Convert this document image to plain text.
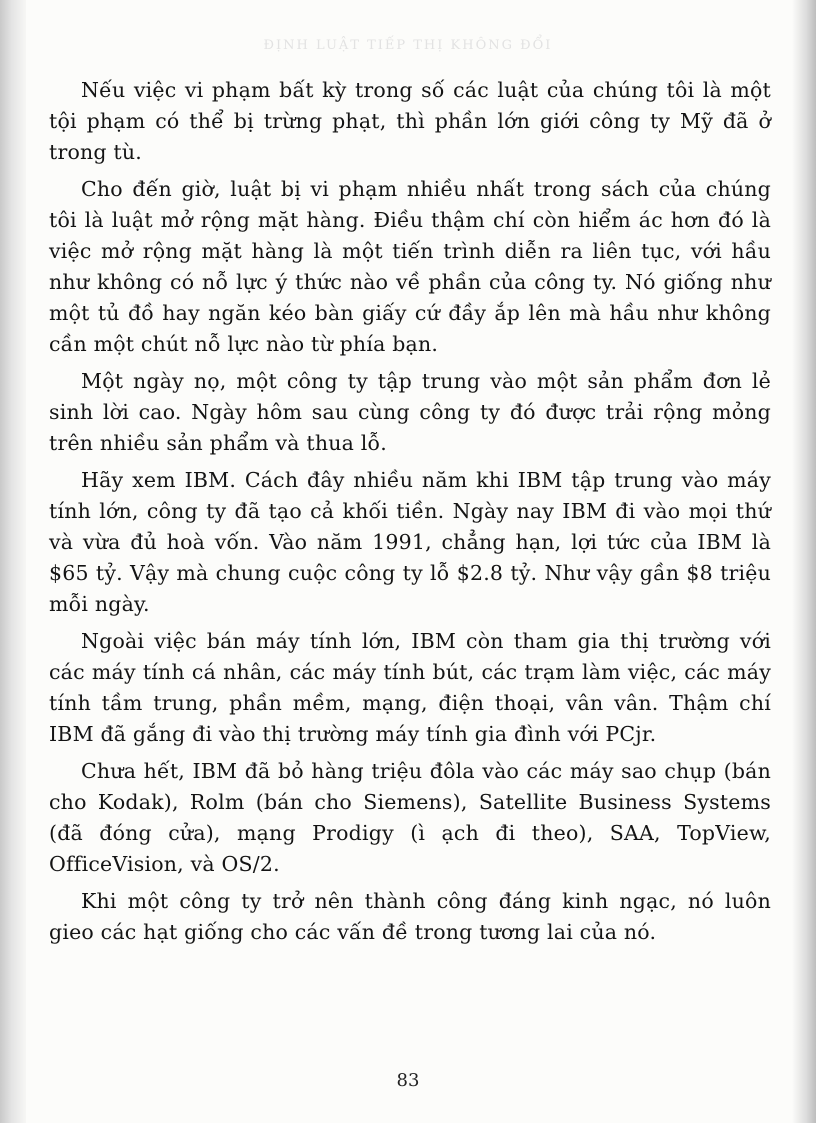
ĐỊNH LUẬT TIẾP THỊ KHÔNG ĐỔI

Nếu việc vi phạm bất kỳ trong số các luật của chúng tôi là một tội phạm có thể bị trừng phạt, thì phần lớn giới công ty Mỹ đã ở trong tù.

Cho đến giờ, luật bị vi phạm nhiều nhất trong sách của chúng tôi là luật mở rộng mặt hàng. Điều thậm chí còn hiểm ác hơn đó là việc mở rộng mặt hàng là một tiến trình diễn ra liên tục, với hầu như không có nỗ lực ý thức nào về phần của công ty. Nó giống như một tủ đồ hay ngăn kéo bàn giấy cứ đầy ắp lên mà hầu như không cần một chút nỗ lực nào từ phía bạn.

Một ngày nọ, một công ty tập trung vào một sản phẩm đơn lẻ sinh lời cao. Ngày hôm sau cùng công ty đó được trải rộng mỏng trên nhiều sản phẩm và thua lỗ.

Hãy xem IBM. Cách đây nhiều năm khi IBM tập trung vào máy tính lớn, công ty đã tạo cả khối tiền. Ngày nay IBM đi vào mọi thứ và vừa đủ hoà vốn. Vào năm 1991, chẳng hạn, lợi tức của IBM là $65 tỷ. Vậy mà chung cuộc công ty lỗ $2.8 tỷ. Như vậy gần $8 triệu mỗi ngày.

Ngoài việc bán máy tính lớn, IBM còn tham gia thị trường với các máy tính cá nhân, các máy tính bút, các trạm làm việc, các máy tính tầm trung, phần mềm, mạng, điện thoại, vân vân. Thậm chí IBM đã gắng đi vào thị trường máy tính gia đình với PCjr.

Chưa hết, IBM đã bỏ hàng triệu đôla vào các máy sao chụp (bán cho Kodak), Rolm (bán cho Siemens), Satellite Business Systems (đã đóng cửa), mạng Prodigy (ì ạch đi theo), SAA, TopView, OfficeVision, và OS/2.

Khi một công ty trở nên thành công đáng kinh ngạc, nó luôn gieo các hạt giống cho các vấn đề trong tương lai của nó.

83
